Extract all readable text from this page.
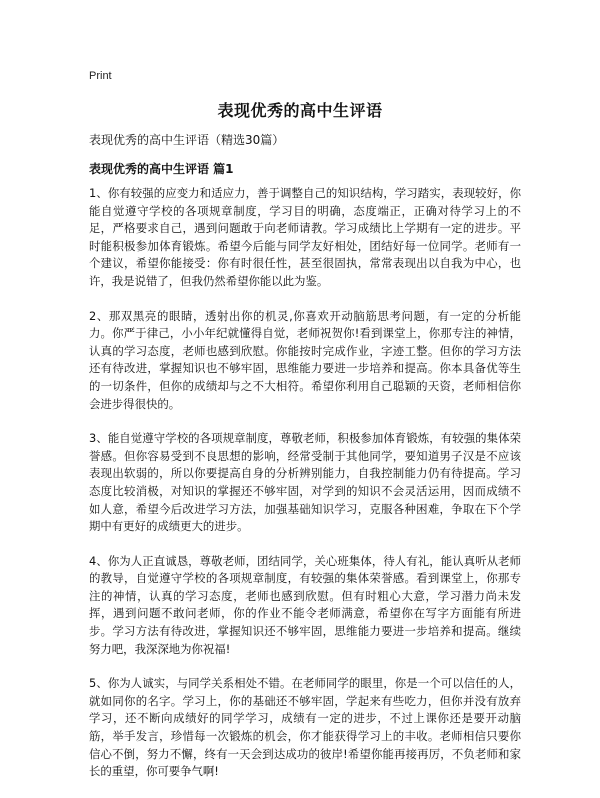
Print
表现优秀的高中生评语
表现优秀的高中生评语（精选30篇）
表现优秀的高中生评语 篇1

1、你有较强的应变力和适应力，善于调整自己的知识结构，学习踏实，表现较好，你能自觉遵守学校的各项规章制度，学习目的明确，态度端正，正确对待学习上的不足，严格要求自己，遇到问题敢于向老师请教。学习成绩比上学期有一定的进步。平时能积极参加体育锻炼。希望今后能与同学友好相处，团结好每一位同学。老师有一个建议，希望你能接受：你有时很任性，甚至很固执，常常表现出以自我为中心，也许，我是说错了，但我仍然希望你能以此为鉴。

2、那双黑亮的眼睛，透射出你的机灵,你喜欢开动脑筋思考问题，有一定的分析能力。你严于律己，小小年纪就懂得自觉，老师祝贺你!看到课堂上，你那专注的神情，认真的学习态度，老师也感到欣慰。你能按时完成作业，字迹工整。但你的学习方法还有待改进，掌握知识也不够牢固，思维能力要进一步培养和提高。你本具备优等生的一切条件，但你的成绩却与之不大相符。希望你利用自己聪颖的天资，老师相信你会进步得很快的。

3、能自觉遵守学校的各项规章制度，尊敬老师，积极参加体育锻炼，有较强的集体荣誉感。但你容易受到不良思想的影响，经常受制于其他同学，要知道男子汉是不应该表现出软弱的，所以你要提高自身的分析辨别能力，自我控制能力仍有待提高。学习态度比较消极，对知识的掌握还不够牢固，对学到的知识不会灵活运用，因而成绩不如人意，希望今后改进学习方法，加强基础知识学习，克服各种困难，争取在下个学期中有更好的成绩更大的进步。

4、你为人正直诚恳，尊敬老师，团结同学，关心班集体，待人有礼，能认真听从老师的教导，自觉遵守学校的各项规章制度，有较强的集体荣誉感。看到课堂上，你那专注的神情，认真的学习态度，老师也感到欣慰。但有时粗心大意，学习潜力尚未发挥，遇到问题不敢问老师，你的作业不能令老师满意，希望你在写字方面能有所进步。学习方法有待改进，掌握知识还不够牢固，思维能力要进一步培养和提高。继续努力吧，我深深地为你祝福!

5、你为人诚实，与同学关系相处不错。在老师同学的眼里，你是一个可以信任的人，就如同你的名字。学习上，你的基础还不够牢固，学起来有些吃力，但你并没有放弃学习，还不断向成绩好的同学学习，成绩有一定的进步，不过上课你还是要开动脑筋，举手发言，珍惜每一次锻炼的机会，你才能获得学习上的丰收。老师相信只要你信心不倒，努力不懈，终有一天会到达成功的彼岸!希望你能再接再厉，不负老师和家长的重望，你可要争气啊!
